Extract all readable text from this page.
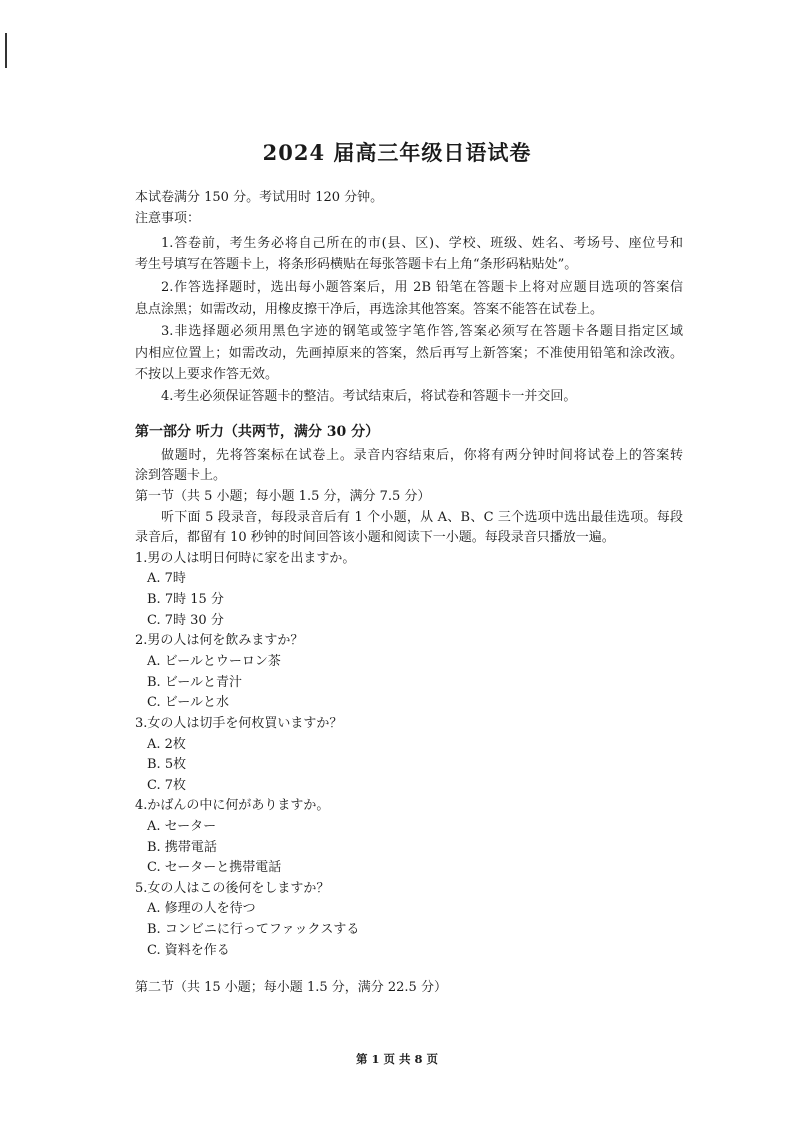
2024 届高三年级日语试卷
本试卷满分 150 分。考试用时 120 分钟。
注意事项：
1.答卷前，考生务必将自己所在的市(县、区)、学校、班级、姓名、考场号、座位号和
考生号填写在答题卡上，将条形码横贴在每张答题卡右上角“条形码粘贴处”。
2.作答选择题时，选出每小题答案后，用 2B 铅笔在答题卡上将对应题目选项的答案信
息点涂黑；如需改动，用橡皮擦干净后，再选涂其他答案。答案不能答在试卷上。
3.非选择题必须用黑色字迹的钢笔或签字笔作答,答案必须写在答题卡各题目指定区域
内相应位置上；如需改动，先画掉原来的答案，然后再写上新答案；不准使用铅笔和涂改液。
不按以上要求作答无效。
4.考生必须保证答题卡的整洁。考试结束后，将试卷和答题卡一并交回。
第一部分 听力（共两节，满分 30 分）
做题时，先将答案标在试卷上。录音内容结束后，你将有两分钟时间将试卷上的答案转
涂到答题卡上。
第一节（共 5 小题；每小题 1.5 分，满分 7.5 分）
听下面 5 段录音，每段录音后有 1 个小题，从 A、B、C 三个选项中选出最佳选项。每段
录音后，都留有 10 秒钟的时间回答该小题和阅读下一小题。每段录音只播放一遍。
1.男の人は明日何時に家を出ますか。
A. 7時
B. 7時 15 分
C. 7時 30 分
2.男の人は何を飲みますか？
A. ビールとウーロン茶
B. ビールと青汁
C. ビールと水
3.女の人は切手を何枚買いますか？
A. 2枚
B. 5枚
C. 7枚
4.かばんの中に何がありますか。
A. セーター
B. 携帯電話
C. セーターと携帯電話
5.女の人はこの後何をしますか？
A. 修理の人を待つ
B. コンビニに行ってファックスする
C. 資料を作る
第二节（共 15 小题；每小题 1.5 分，满分 22.5 分）
第 1 页 共 8 页
